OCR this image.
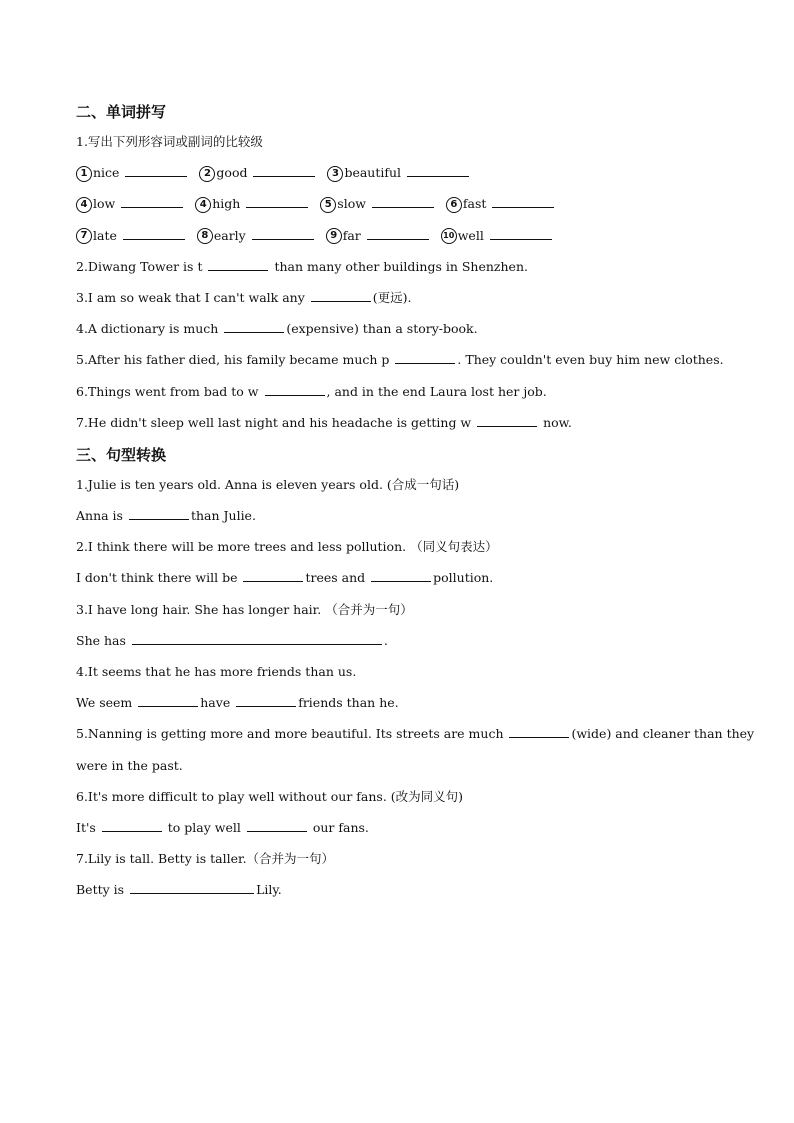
二、单词拼写
1.写出下列形容词或副词的比较级
1 nice	2 good	3 beautiful
4 low	4 high	5 slow	6 fast
7 late	8 early	9 far	10 well
2.Diwang Tower is t	than many other buildings in Shenzhen.
3.I am so weak that I can't walk any	(更远).
4.A dictionary is much	(expensive) than a story-book.
5.After his father died, his family became much p	. They couldn't even buy him new clothes.
6.Things went from bad to w	, and in the end Laura lost her job.
7.He didn't sleep well last night and his headache is getting w	now.
三、句型转换
1.Julie is ten years old. Anna is eleven years old. (合成一句话)
Anna is	than Julie.
2.I think there will be more trees and less pollution. （同义句表达）
I don't think there will be	trees and	pollution.
3.I have long hair. She has longer hair. （合并为一句）
She has	.
4.It seems that he has more friends than us.
We seem	have	friends than he.
5.Nanning is getting more and more beautiful. Its streets are much	(wide) and cleaner than they
were in the past.
6.It's more difficult to play well without our fans. (改为同义句)
It's	to play well	our fans.
7.Lily is tall. Betty is taller.（合并为一句）
Betty is	Lily.
